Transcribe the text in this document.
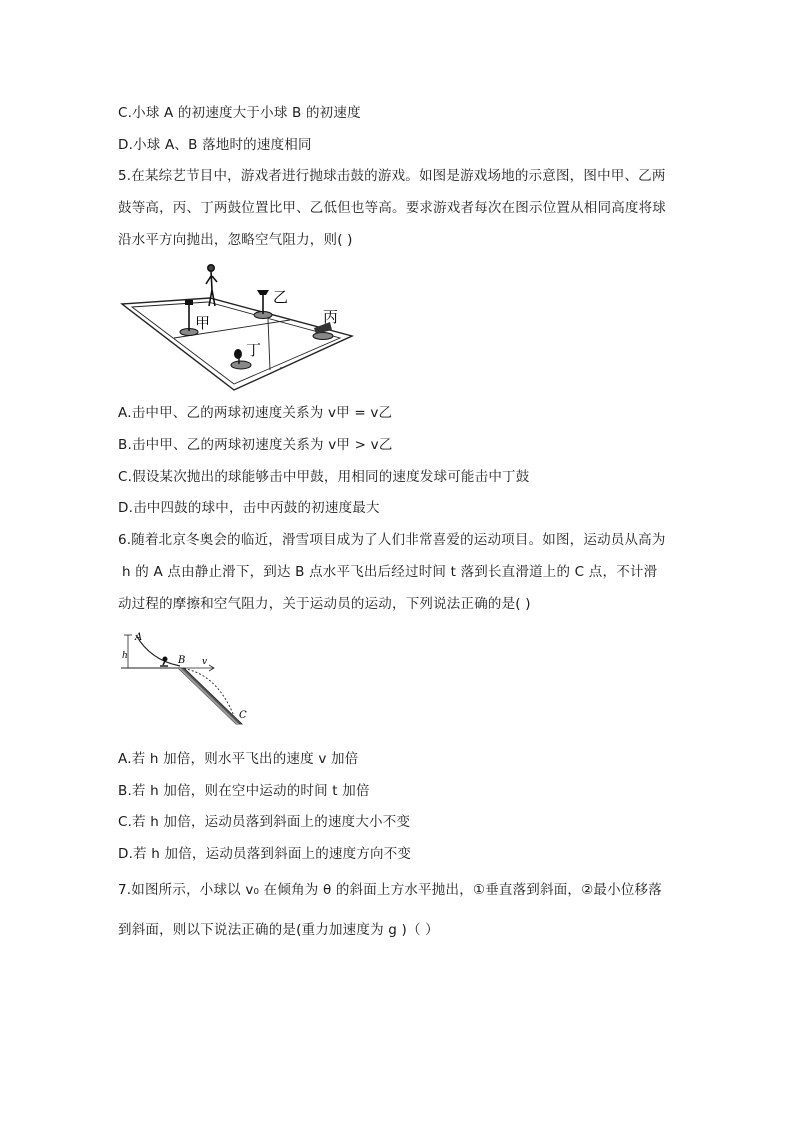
C.小球 A 的初速度大于小球 B 的初速度
D.小球 A、B 落地时的速度相同
5.在某综艺节目中，游戏者进行抛球击鼓的游戏。如图是游戏场地的示意图，图中甲、乙两
鼓等高，丙、丁两鼓位置比甲、乙低但也等高。要求游戏者每次在图示位置从相同高度将球
沿水平方向抛出，忽略空气阻力，则( )
甲
乙
丙
丁
A.击中甲、乙的两球初速度关系为 v甲 = v乙
B.击中甲、乙的两球初速度关系为 v甲 > v乙
C.假设某次抛出的球能够击中甲鼓，用相同的速度发球可能击中丁鼓
D.击中四鼓的球中，击中丙鼓的初速度最大
6.随着北京冬奥会的临近，滑雪项目成为了人们非常喜爱的运动项目。如图，运动员从高为
h 的 A 点由静止滑下，到达 B 点水平飞出后经过时间 t 落到长直滑道上的 C 点，不计滑
动过程的摩擦和空气阻力，关于运动员的运动，下列说法正确的是( )
A
h	B v
C
A.若 h 加倍，则水平飞出的速度 v 加倍
B.若 h 加倍，则在空中运动的时间 t 加倍
C.若 h 加倍，运动员落到斜面上的速度大小不变
D.若 h 加倍，运动员落到斜面上的速度方向不变
7.如图所示，小球以 v₀ 在倾角为 θ 的斜面上方水平抛出，①垂直落到斜面，②最小位移落
到斜面，则以下说法正确的是(重力加速度为 g )（ ）
